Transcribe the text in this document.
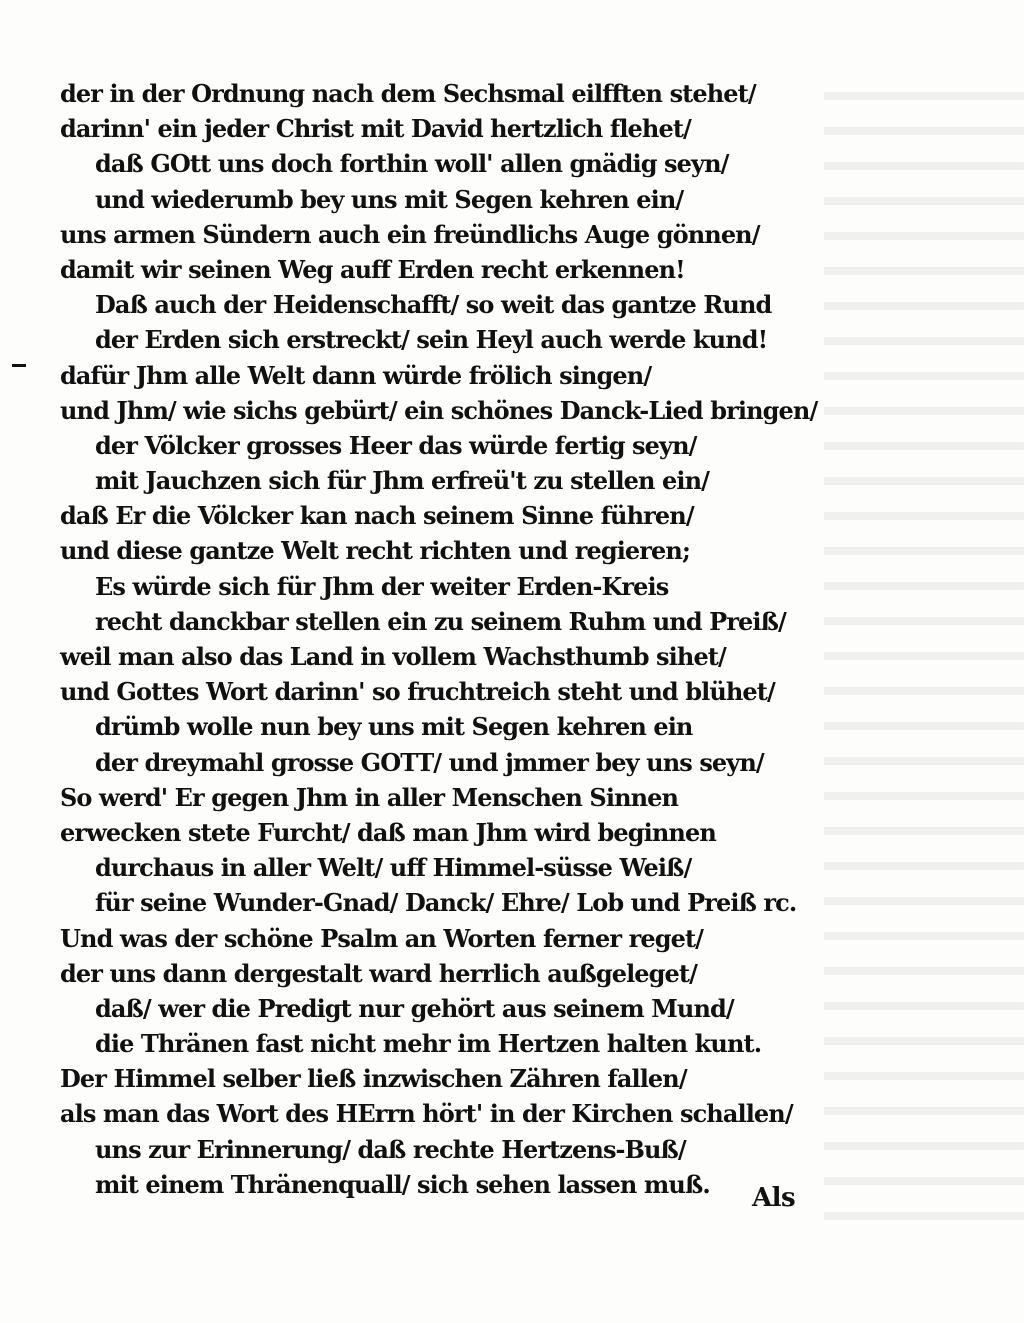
der in der Ordnung nach dem Sechsmal eilfften stehet/
darinn' ein jeder Christ mit David hertzlich flehet/
daß GOtt uns doch forthin woll' allen gnädig seyn/
und wiederumb bey uns mit Segen kehren ein/
uns armen Sündern auch ein freündlichs Auge gönnen/
damit wir seinen Weg auff Erden recht erkennen!
Daß auch der Heidenschafft/ so weit das gantze Rund
der Erden sich erstreckt/ sein Heyl auch werde kund!
dafür Jhm alle Welt dann würde frölich singen/
und Jhm/ wie sichs gebürt/ ein schönes Danck-Lied bringen/
der Völcker grosses Heer das würde fertig seyn/
mit Jauchzen sich für Jhm erfreü't zu stellen ein/
daß Er die Völcker kan nach seinem Sinne führen/
und diese gantze Welt recht richten und regieren;
Es würde sich für Jhm der weiter Erden-Kreis
recht danckbar stellen ein zu seinem Ruhm und Preiß/
weil man also das Land in vollem Wachsthumb sihet/
und Gottes Wort darinn' so fruchtreich steht und blühet/
drümb wolle nun bey uns mit Segen kehren ein
der dreymahl grosse GOTT/ und jmmer bey uns seyn/
So werd' Er gegen Jhm in aller Menschen Sinnen
erwecken stete Furcht/ daß man Jhm wird beginnen
durchaus in aller Welt/ uff Himmel-süsse Weiß/
für seine Wunder-Gnad/ Danck/ Ehre/ Lob und Preiß rc.
Und was der schöne Psalm an Worten ferner reget/
der uns dann dergestalt ward herrlich außgeleget/
daß/ wer die Predigt nur gehört aus seinem Mund/
die Thränen fast nicht mehr im Hertzen halten kunt.
Der Himmel selber ließ inzwischen Zähren fallen/
als man das Wort des HErrn hört' in der Kirchen schallen/
uns zur Erinnerung/ daß rechte Hertzens-Buß/
mit einem Thränenquall/ sich sehen lassen muß.	Als
